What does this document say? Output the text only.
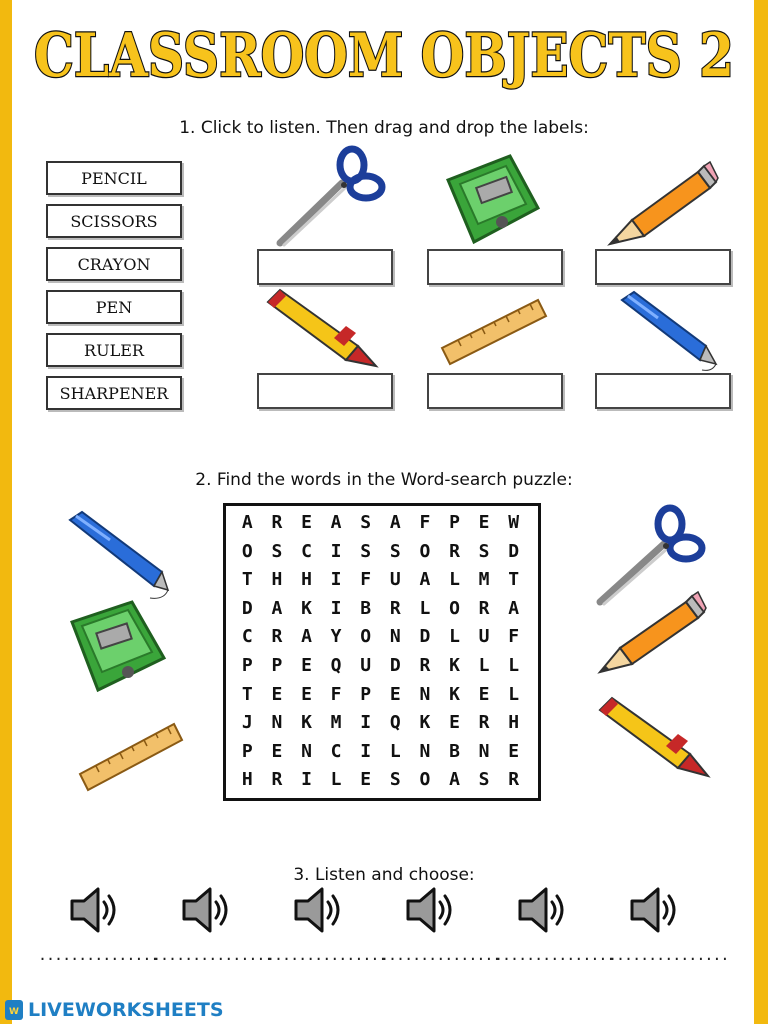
CLASSROOM OBJECTS 2
1. Click to listen. Then drag and drop the labels:
PENCIL
SCISSORS
CRAYON
PEN
RULER
SHARPENER
2. Find the words in the Word-search puzzle:
A	R	E	A	S	A	F	P	E	W
O	S	C	I	S	S	O	R	S	D
T	H	H	I	F	U	A	L	M	T
D	A	K	I	B	R	L	O	R	A
C	R	A	Y	O	N	D	L	U	F
P	P	E	Q	U	D	R	K	L	L
T	E	E	F	P	E	N	K	E	L
J	N	K	M	I	Q	K	E	R	H
P	E	N	C	I	L	N	B	N	E
H	R	I	L	E	S	O	A	S	R
3. Listen and choose:
...............
...............
...............
...............
...............
...............
W LIVEWORKSHEETS
